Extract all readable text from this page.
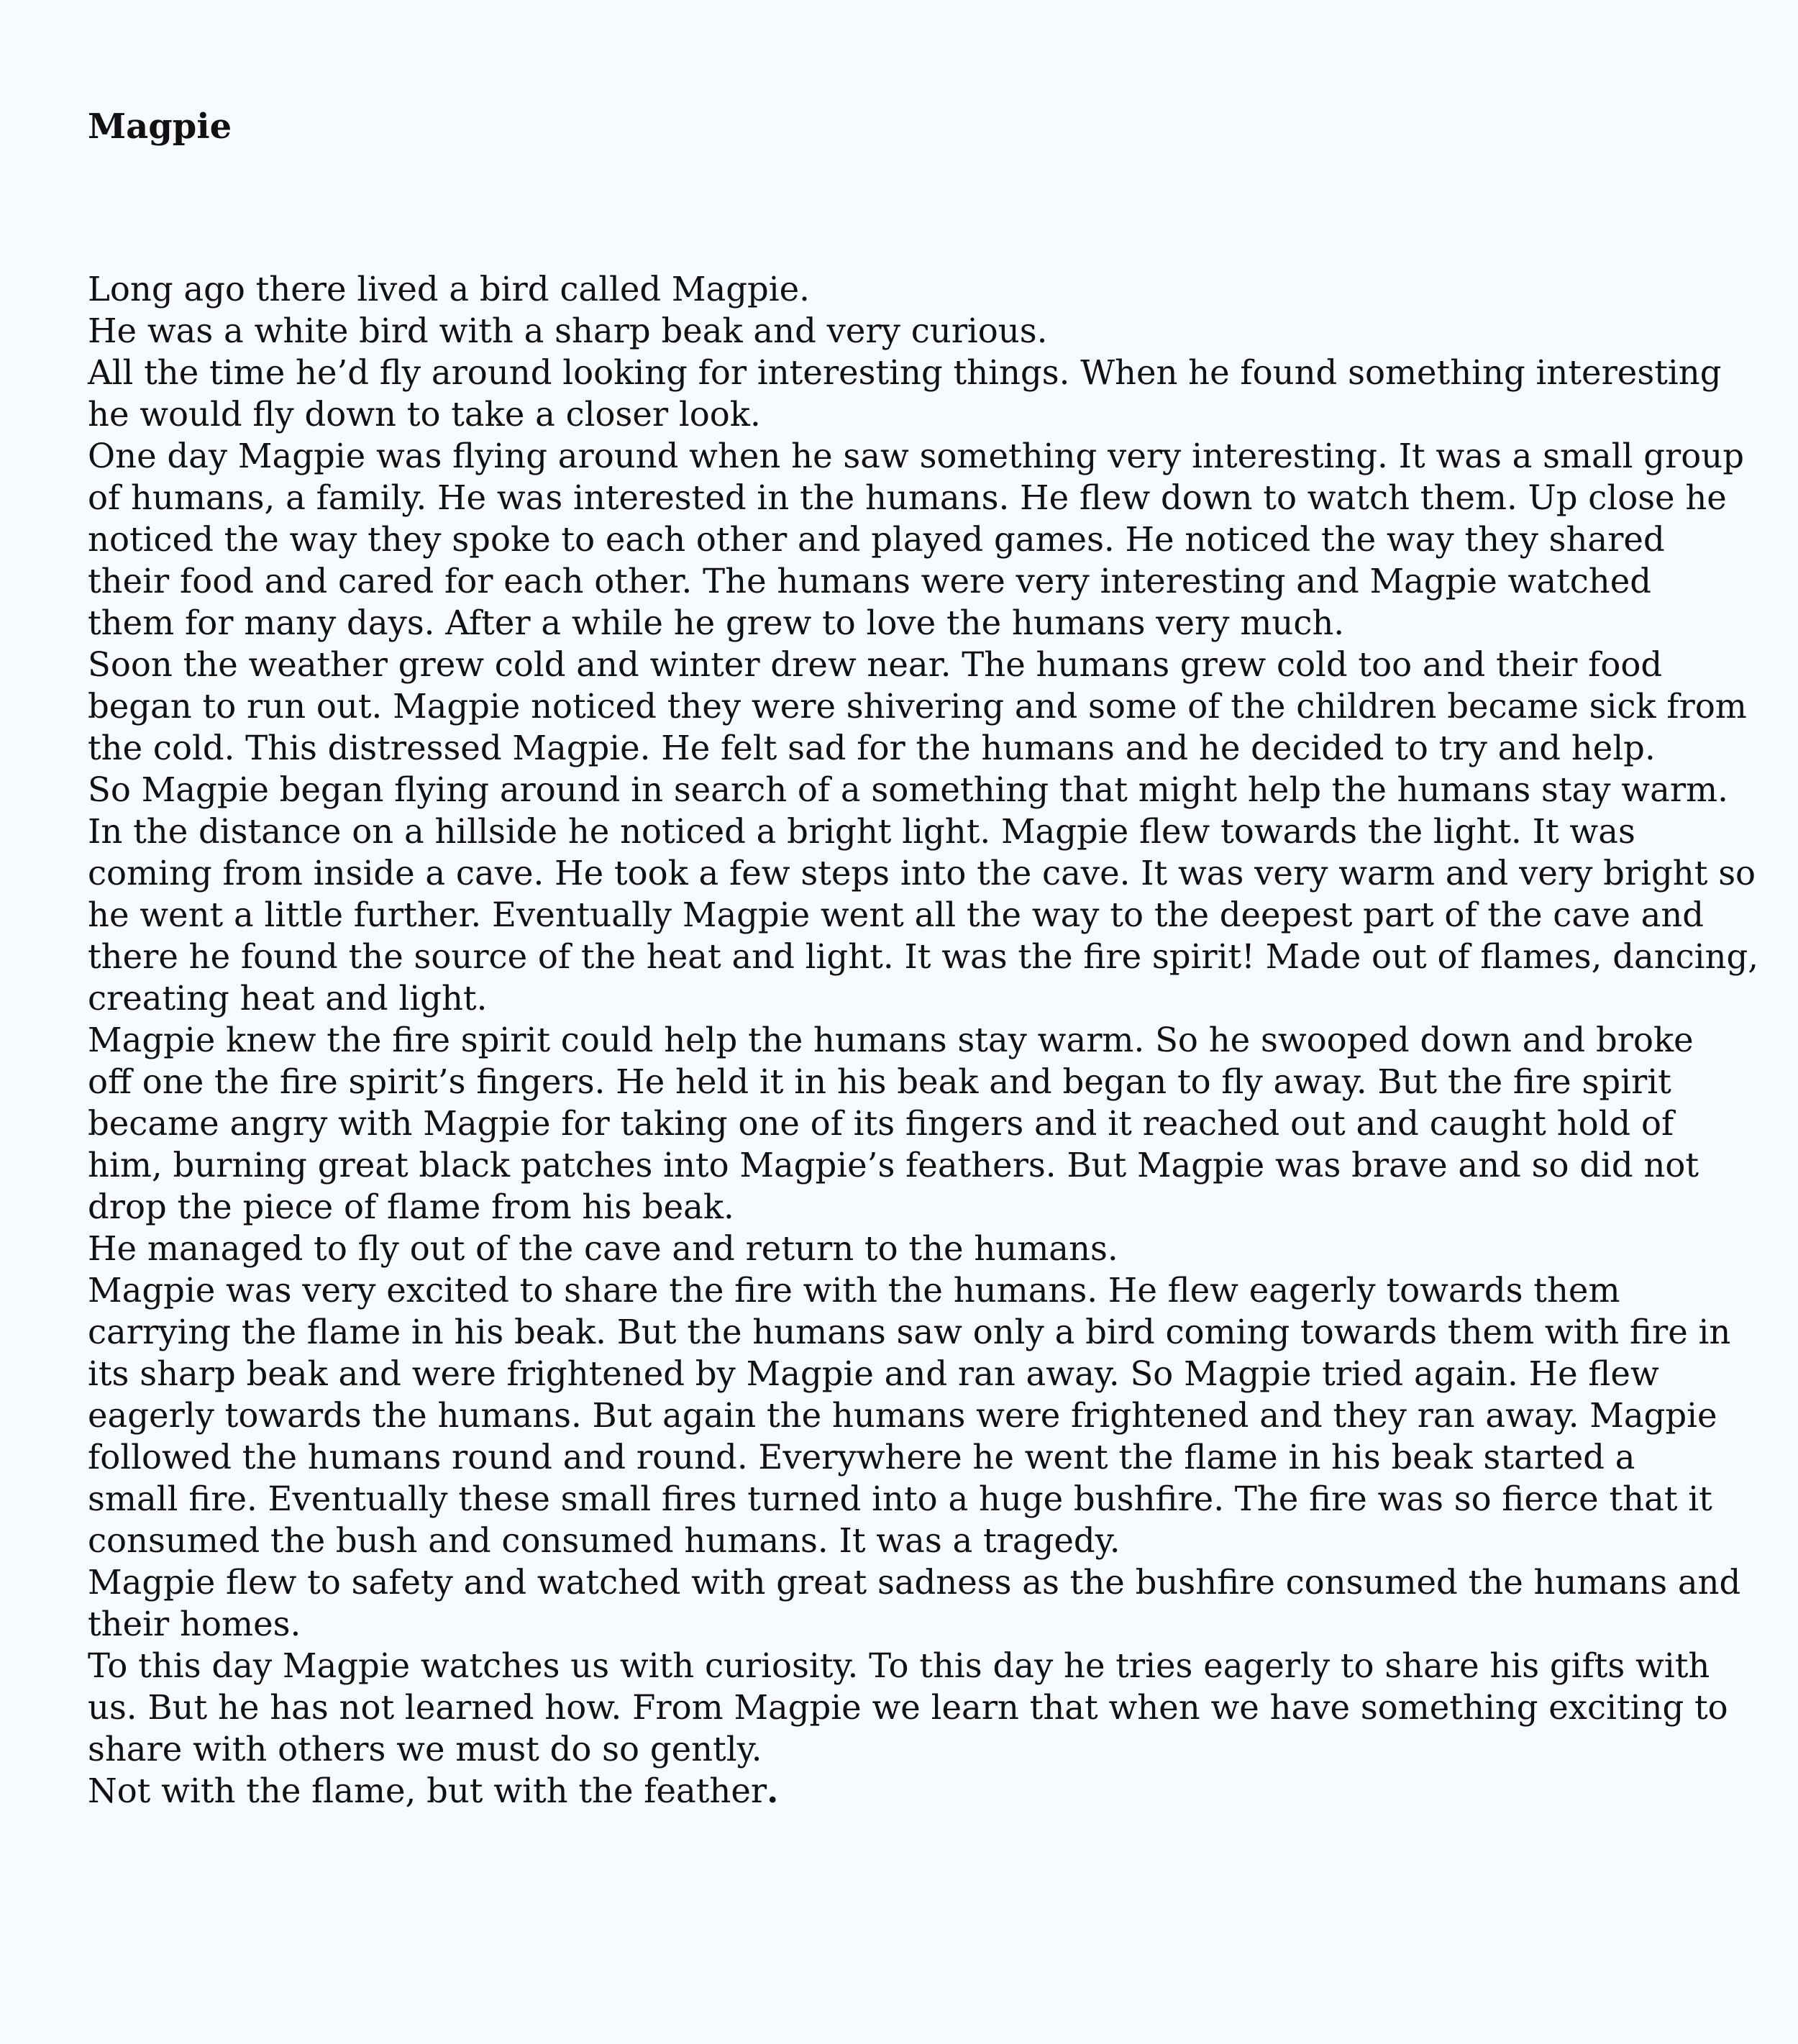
Magpie
Long ago there lived a bird called Magpie.
He was a white bird with a sharp beak and very curious.
All the time he’d fly around looking for interesting things. When he found something interesting
he would fly down to take a closer look.
One day Magpie was flying around when he saw something very interesting. It was a small group
of humans, a family. He was interested in the humans. He flew down to watch them. Up close he
noticed the way they spoke to each other and played games. He noticed the way they shared
their food and cared for each other. The humans were very interesting and Magpie watched
them for many days. After a while he grew to love the humans very much.
Soon the weather grew cold and winter drew near. The humans grew cold too and their food
began to run out. Magpie noticed they were shivering and some of the children became sick from
the cold. This distressed Magpie. He felt sad for the humans and he decided to try and help.
So Magpie began flying around in search of a something that might help the humans stay warm.
In the distance on a hillside he noticed a bright light. Magpie flew towards the light. It was
coming from inside a cave. He took a few steps into the cave. It was very warm and very bright so
he went a little further. Eventually Magpie went all the way to the deepest part of the cave and
there he found the source of the heat and light. It was the fire spirit! Made out of flames, dancing,
creating heat and light.
Magpie knew the fire spirit could help the humans stay warm. So he swooped down and broke
off one the fire spirit’s fingers. He held it in his beak and began to fly away. But the fire spirit
became angry with Magpie for taking one of its fingers and it reached out and caught hold of
him, burning great black patches into Magpie’s feathers. But Magpie was brave and so did not
drop the piece of flame from his beak.
He managed to fly out of the cave and return to the humans.
Magpie was very excited to share the fire with the humans. He flew eagerly towards them
carrying the flame in his beak. But the humans saw only a bird coming towards them with fire in
its sharp beak and were frightened by Magpie and ran away. So Magpie tried again. He flew
eagerly towards the humans. But again the humans were frightened and they ran away. Magpie
followed the humans round and round. Everywhere he went the flame in his beak started a
small fire. Eventually these small fires turned into a huge bushfire. The fire was so fierce that it
consumed the bush and consumed humans. It was a tragedy.
Magpie flew to safety and watched with great sadness as the bushfire consumed the humans and
their homes.
To this day Magpie watches us with curiosity. To this day he tries eagerly to share his gifts with
us. But he has not learned how. From Magpie we learn that when we have something exciting to
share with others we must do so gently.
Not with the flame, but with the feather.
